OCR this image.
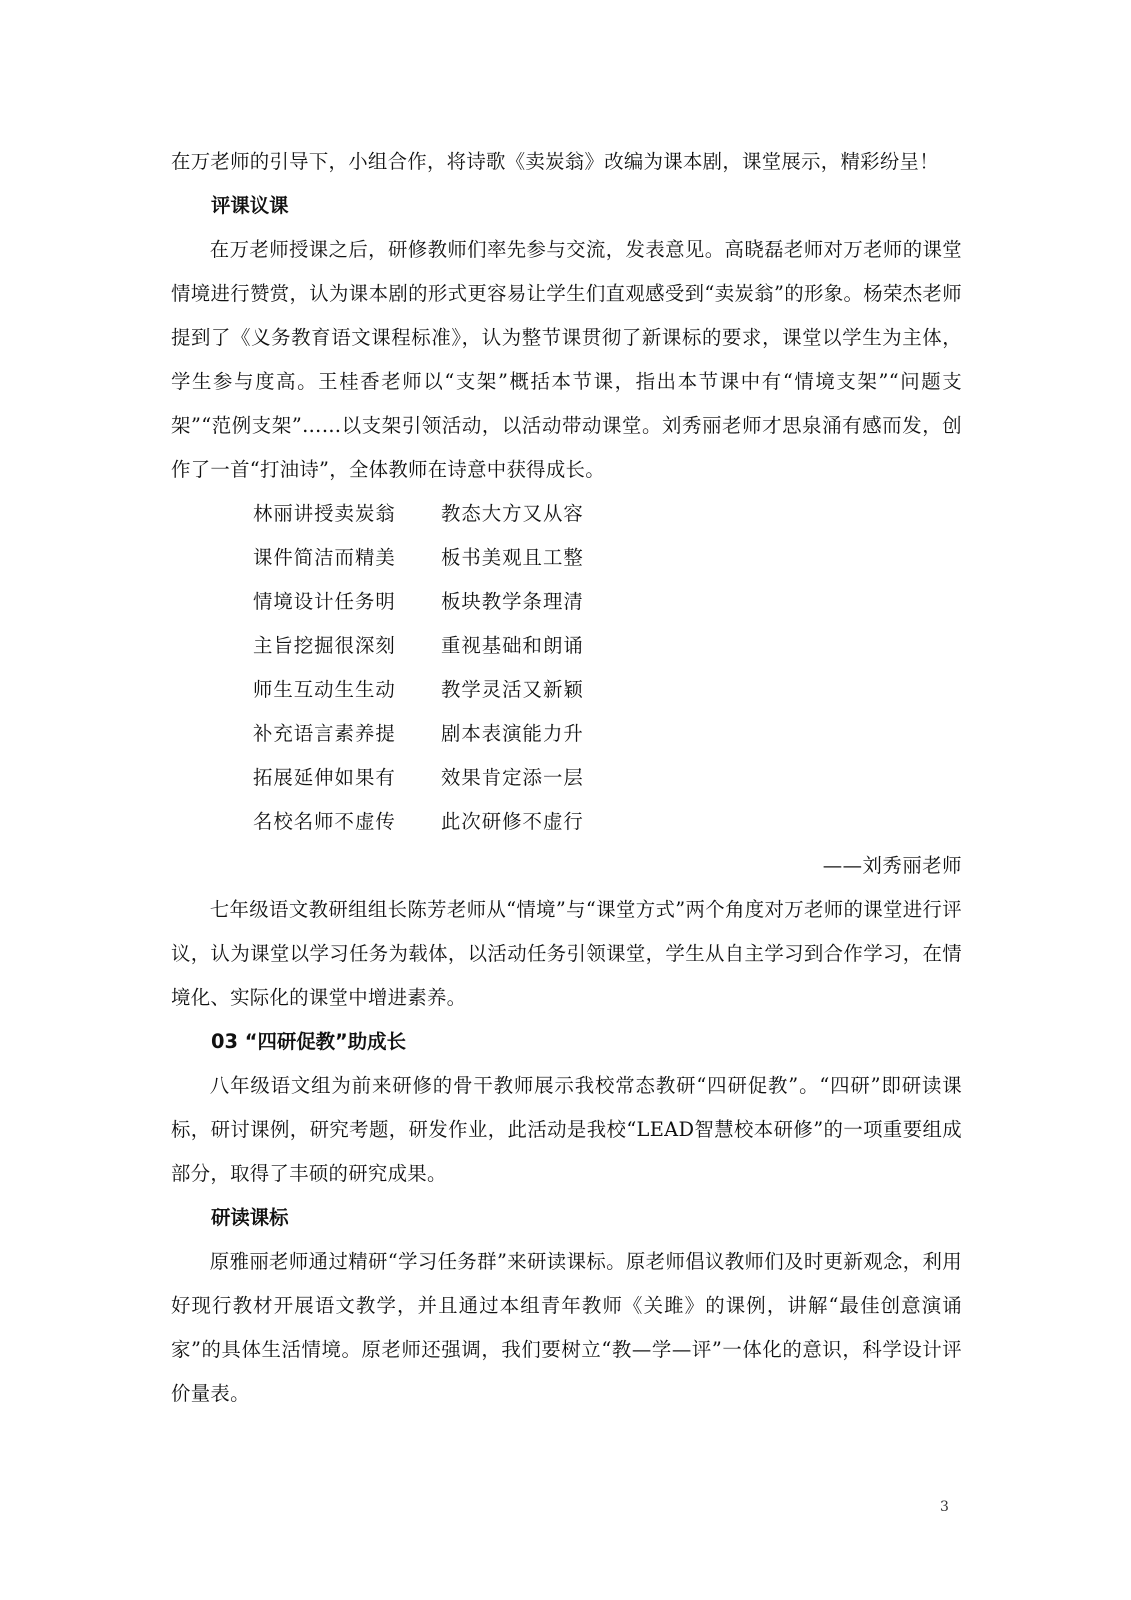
在万老师的引导下，小组合作，将诗歌《卖炭翁》改编为课本剧，课堂展示，精彩纷呈！

评课议课

在万老师授课之后，研修教师们率先参与交流，发表意见。高晓磊老师对万老师的课堂情境进行赞赏，认为课本剧的形式更容易让学生们直观感受到“卖炭翁”的形象。杨荣杰老师提到了《义务教育语文课程标准》，认为整节课贯彻了新课标的要求，课堂以学生为主体，学生参与度高。王桂香老师以“支架”概括本节课，指出本节课中有“情境支架”“问题支架”“范例支架”……以支架引领活动，以活动带动课堂。刘秀丽老师才思泉涌有感而发，创作了一首“打油诗”，全体教师在诗意中获得成长。

林丽讲授卖炭翁	教态大方又从容
课件简洁而精美	板书美观且工整
情境设计任务明	板块教学条理清
主旨挖掘很深刻	重视基础和朗诵
师生互动生生动	教学灵活又新颖
补充语言素养提	剧本表演能力升
拓展延伸如果有	效果肯定添一层
名校名师不虚传	此次研修不虚行
——刘秀丽老师

七年级语文教研组组长陈芳老师从“情境”与“课堂方式”两个角度对万老师的课堂进行评议，认为课堂以学习任务为载体，以活动任务引领课堂，学生从自主学习到合作学习，在情境化、实际化的课堂中增进素养。

03 “四研促教”助成长

八年级语文组为前来研修的骨干教师展示我校常态教研“四研促教”。“四研”即研读课标，研讨课例，研究考题，研发作业，此活动是我校“LEAD智慧校本研修”的一项重要组成部分，取得了丰硕的研究成果。

研读课标

原雅丽老师通过精研“学习任务群”来研读课标。原老师倡议教师们及时更新观念，利用好现行教材开展语文教学，并且通过本组青年教师《关雎》的课例，讲解“最佳创意演诵家”的具体生活情境。原老师还强调，我们要树立“教—学—评”一体化的意识，科学设计评价量表。

3
